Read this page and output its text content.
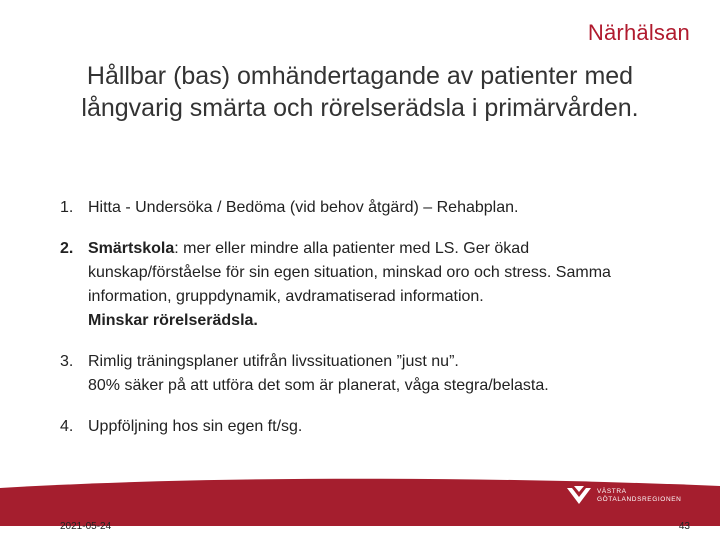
Närhälsan
Hållbar (bas) omhändertagande av patienter med
långvarig smärta och rörelserädsla i primärvården.
1. Hitta - Undersöka / Bedöma (vid behov åtgärd) – Rehabplan.
2. Smärtskola: mer eller mindre alla patienter med LS. Ger ökad kunskap/förståelse för sin egen situation, minskad oro och stress. Samma information, gruppdynamik, avdramatiserad information.
Minskar rörelserädsla.
3. Rimlig träningsplaner utifrån livssituationen ”just nu”.
80% säker på att utföra det som är planerat, våga stegra/belasta.
4. Uppföljning hos sin egen ft/sg.
VÄSTRA
GÖTALANDSREGIONEN
2021-05-24	43
